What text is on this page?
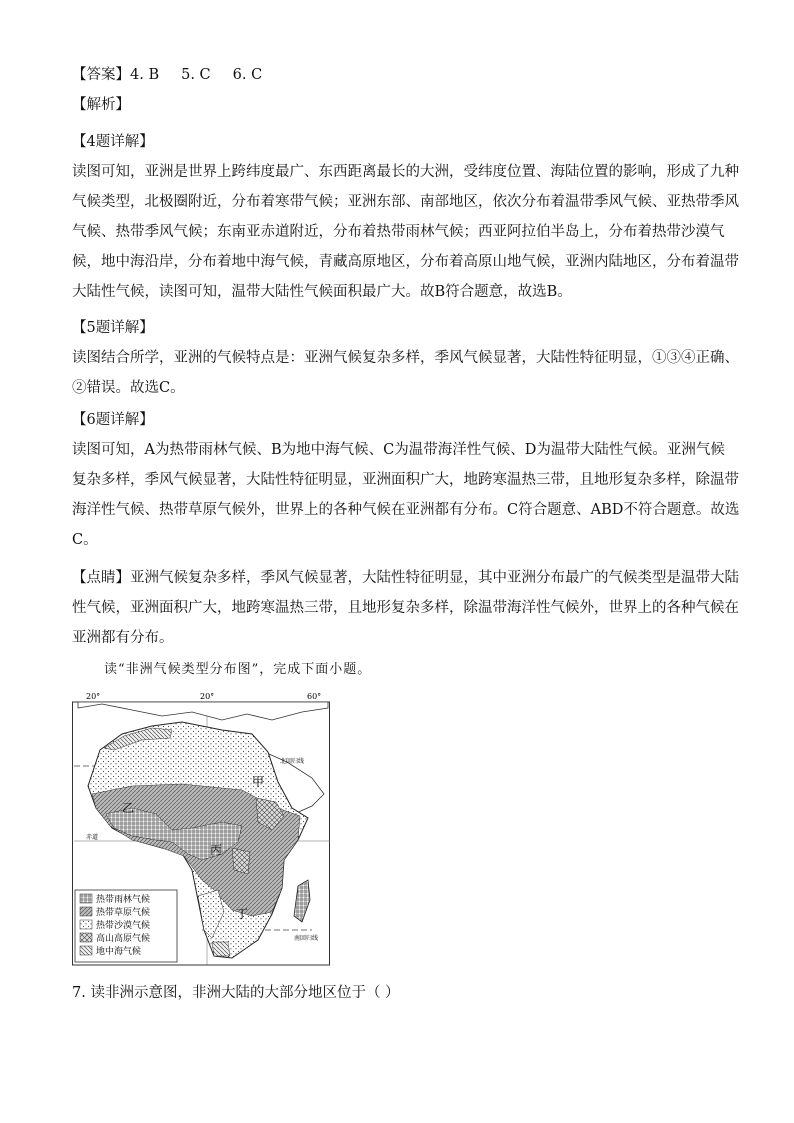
【答案】4. B 5. C 6. C
【解析】
【4题详解】
读图可知，亚洲是世界上跨纬度最广、东西距离最长的大洲，受纬度位置、海陆位置的影响，形成了九种
气候类型，北极圈附近，分布着寒带气候；亚洲东部、南部地区，依次分布着温带季风气候、亚热带季风
气候、热带季风气候；东南亚赤道附近，分布着热带雨林气候；西亚阿拉伯半岛上，分布着热带沙漠气
候，地中海沿岸，分布着地中海气候，青藏高原地区，分布着高原山地气候，亚洲内陆地区，分布着温带
大陆性气候，读图可知，温带大陆性气候面积最广大。故B符合题意，故选B。
【5题详解】
读图结合所学，亚洲的气候特点是：亚洲气候复杂多样，季风气候显著，大陆性特征明显，①③④正确、
②错误。故选C。
【6题详解】
读图可知，A为热带雨林气候、B为地中海气候、C为温带海洋性气候、D为温带大陆性气候。亚洲气候
复杂多样，季风气候显著，大陆性特征明显，亚洲面积广大，地跨寒温热三带，且地形复杂多样，除温带
海洋性气候、热带草原气候外，世界上的各种气候在亚洲都有分布。C符合题意、ABD不符合题意。故选
C。
【点睛】亚洲气候复杂多样，季风气候显著，大陆性特征明显，其中亚洲分布最广的气候类型是温带大陆
性气候，亚洲面积广大，地跨寒温热三带，且地形复杂多样，除温带海洋性气候外，世界上的各种气候在
亚洲都有分布。
读“非洲气候类型分布图”，完成下面小题。
20°	20°	60°
北回归线
赤道
南回归线
甲
乙
丙
丁
热带雨林气候
热带草原气候
热带沙漠气候
高山高原气候
地中海气候
7. 读非洲示意图，非洲大陆的大部分地区位于（ ）
